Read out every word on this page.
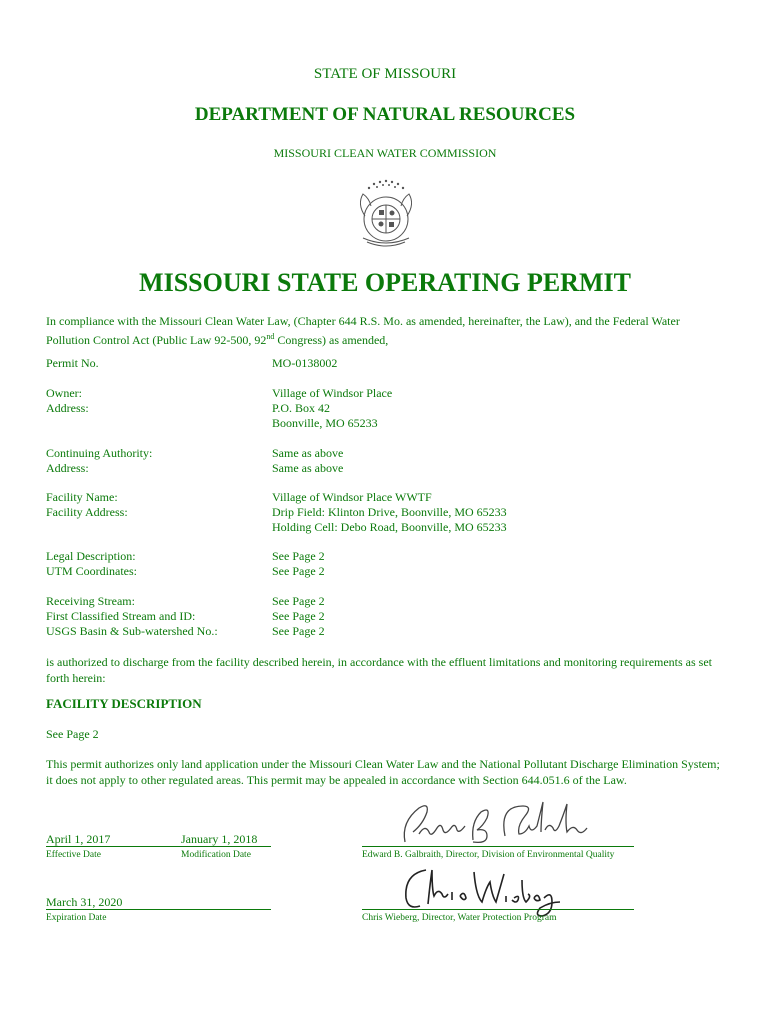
STATE OF MISSOURI
DEPARTMENT OF NATURAL RESOURCES
MISSOURI CLEAN WATER COMMISSION
MISSOURI STATE OPERATING PERMIT
In compliance with the Missouri Clean Water Law, (Chapter 644 R.S. Mo. as amended, hereinafter, the Law), and the Federal Water Pollution Control Act (Public Law 92-500, 92nd Congress) as amended,
Permit No.	MO-0138002
Owner:
Address:
Village of Windsor Place
P.O. Box 42
Boonville, MO 65233
Continuing Authority:
Address:
Same as above
Same as above
Facility Name:
Facility Address:
Village of Windsor Place WWTF
Drip Field: Klinton Drive, Boonville, MO 65233
Holding Cell: Debo Road, Boonville, MO 65233
Legal Description:
UTM Coordinates:
See Page 2
See Page 2
Receiving Stream:
First Classified Stream and ID:
USGS Basin & Sub-watershed No.:
See Page 2
See Page 2
See Page 2
is authorized to discharge from the facility described herein, in accordance with the effluent limitations and monitoring requirements as set forth herein:
FACILITY DESCRIPTION
See Page 2
This permit authorizes only land application under the Missouri Clean Water Law and the National Pollutant Discharge Elimination System; it does not apply to other regulated areas. This permit may be appealed in accordance with Section 644.051.6 of the Law.
April 1, 2017
Effective Date
January 1, 2018
Modification Date
March 31, 2020
Expiration Date
Edward B. Galbraith, Director, Division of Environmental Quality
Chris Wieberg, Director, Water Protection Program
